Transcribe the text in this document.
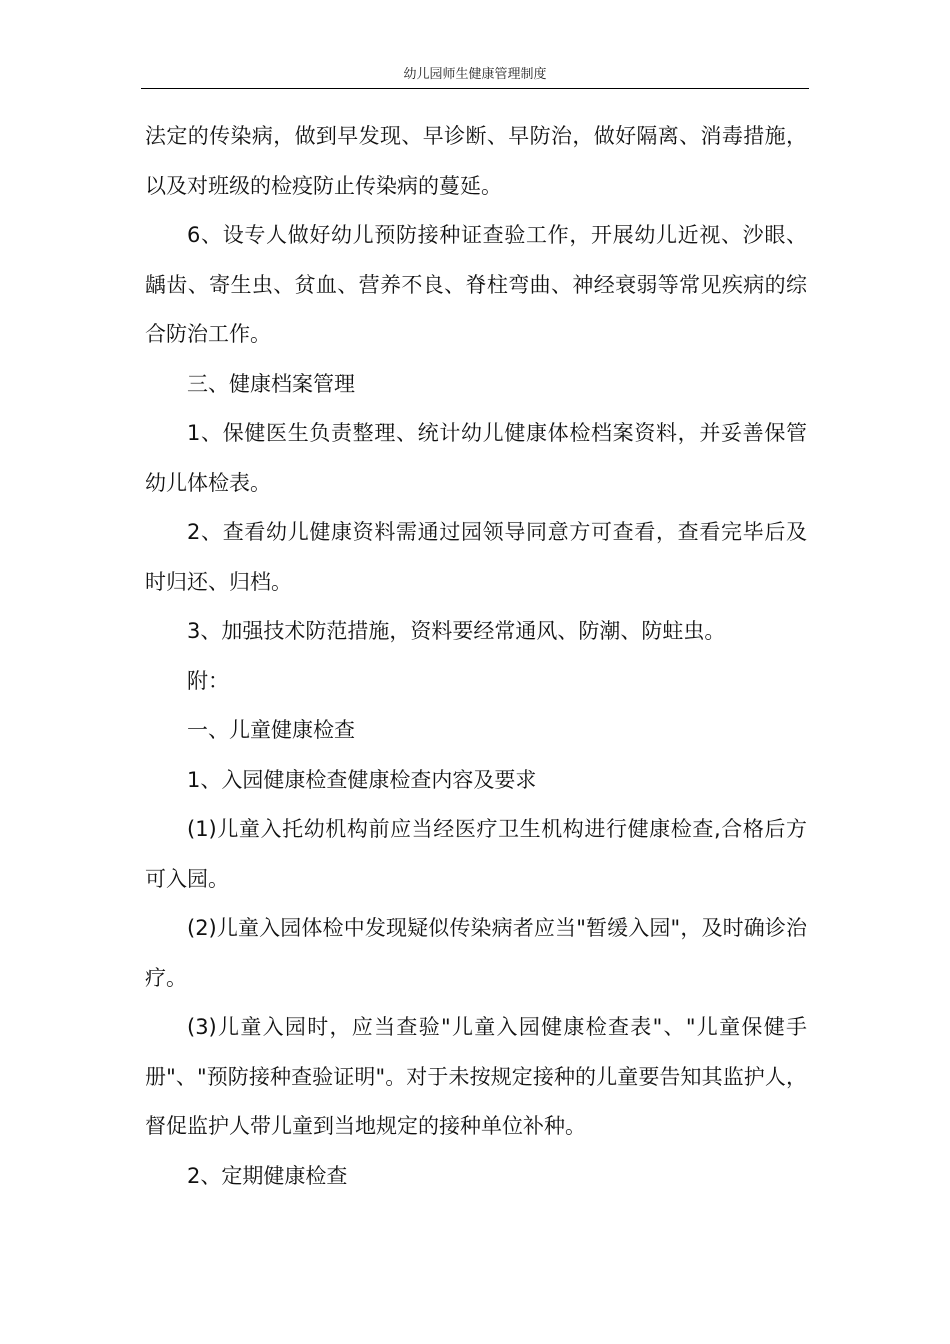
幼儿园师生健康管理制度

法定的传染病，做到早发现、早诊断、早防治，做好隔离、消毒措施，以及对班级的检疫防止传染病的蔓延。

6、设专人做好幼儿预防接种证查验工作，开展幼儿近视、沙眼、龋齿、寄生虫、贫血、营养不良、脊柱弯曲、神经衰弱等常见疾病的综合防治工作。

三、健康档案管理

1、保健医生负责整理、统计幼儿健康体检档案资料，并妥善保管幼儿体检表。

2、查看幼儿健康资料需通过园领导同意方可查看，查看完毕后及时归还、归档。

3、加强技术防范措施，资料要经常通风、防潮、防蛀虫。

附：

一、儿童健康检查

1、入园健康检查健康检查内容及要求

(1)儿童入托幼机构前应当经医疗卫生机构进行健康检查,合格后方可入园。

(2)儿童入园体检中发现疑似传染病者应当"暂缓入园"，及时确诊治疗。

(3)儿童入园时，应当查验"儿童入园健康检查表"、"儿童保健手册"、"预防接种查验证明"。对于未按规定接种的儿童要告知其监护人，督促监护人带儿童到当地规定的接种单位补种。

2、定期健康检查
